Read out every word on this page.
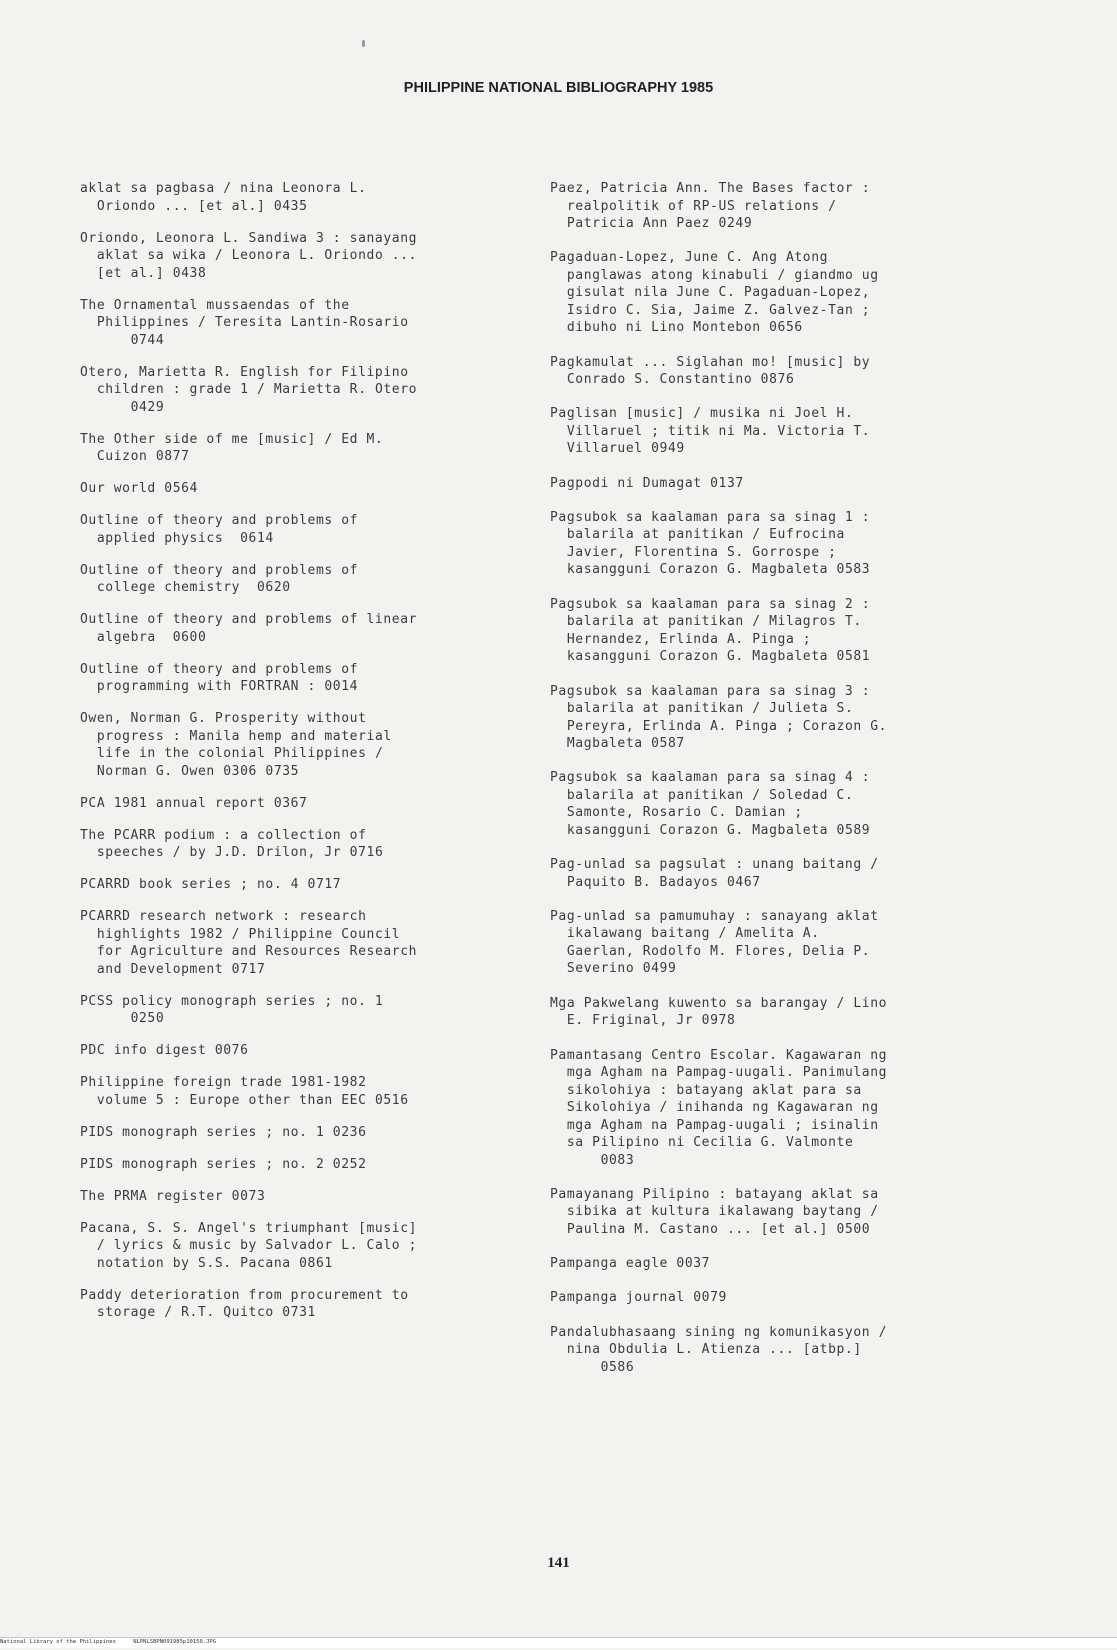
PHILIPPINE NATIONAL BIBLIOGRAPHY 1985
aklat sa pagbasa / nina Leonora L.
Oriondo ... [et al.] 0435
Oriondo, Leonora L. Sandiwa 3 : sanayang
aklat sa wika / Leonora L. Oriondo ...
[et al.] 0438
The Ornamental mussaendas of the
Philippines / Teresita Lantin-Rosario
0744
Otero, Marietta R. English for Filipino
children : grade 1 / Marietta R. Otero
0429
The Other side of me [music] / Ed M.
Cuizon 0877
Our world 0564
Outline of theory and problems of
applied physics  0614
Outline of theory and problems of
college chemistry  0620
Outline of theory and problems of linear
algebra  0600
Outline of theory and problems of
programming with FORTRAN : 0014
Owen, Norman G. Prosperity without
progress : Manila hemp and material
life in the colonial Philippines /
Norman G. Owen 0306 0735
PCA 1981 annual report 0367
The PCARR podium : a collection of
speeches / by J.D. Drilon, Jr 0716
PCARRD book series ; no. 4 0717
PCARRD research network : research
highlights 1982 / Philippine Council
for Agriculture and Resources Research
and Development 0717
PCSS policy monograph series ; no. 1
0250
PDC info digest 0076
Philippine foreign trade 1981-1982
volume 5 : Europe other than EEC 0516
PIDS monograph series ; no. 1 0236
PIDS monograph series ; no. 2 0252
The PRMA register 0073
Pacana, S. S. Angel's triumphant [music]
/ lyrics & music by Salvador L. Calo ;
notation by S.S. Pacana 0861
Paddy deterioration from procurement to
storage / R.T. Quitco 0731
Paez, Patricia Ann. The Bases factor :
realpolitik of RP-US relations /
Patricia Ann Paez 0249
Pagaduan-Lopez, June C. Ang Atong
panglawas atong kinabuli / giandmo ug
gisulat nila June C. Pagaduan-Lopez,
Isidro C. Sia, Jaime Z. Galvez-Tan ;
dibuho ni Lino Montebon 0656
Pagkamulat ... Siglahan mo! [music] by
Conrado S. Constantino 0876
Paglisan [music] / musika ni Joel H.
Villaruel ; titik ni Ma. Victoria T.
Villaruel 0949
Pagpodi ni Dumagat 0137
Pagsubok sa kaalaman para sa sinag 1 :
balarila at panitikan / Eufrocina
Javier, Florentina S. Gorrospe ;
kasangguni Corazon G. Magbaleta 0583
Pagsubok sa kaalaman para sa sinag 2 :
balarila at panitikan / Milagros T.
Hernandez, Erlinda A. Pinga ;
kasangguni Corazon G. Magbaleta 0581
Pagsubok sa kaalaman para sa sinag 3 :
balarila at panitikan / Julieta S.
Pereyra, Erlinda A. Pinga ; Corazon G.
Magbaleta 0587
Pagsubok sa kaalaman para sa sinag 4 :
balarila at panitikan / Soledad C.
Samonte, Rosario C. Damian ;
kasangguni Corazon G. Magbaleta 0589
Pag-unlad sa pagsulat : unang baitang /
Paquito B. Badayos 0467
Pag-unlad sa pamumuhay : sanayang aklat
ikalawang baitang / Amelita A.
Gaerlan, Rodolfo M. Flores, Delia P.
Severino 0499
Mga Pakwelang kuwento sa barangay / Lino
E. Friginal, Jr 0978
Pamantasang Centro Escolar. Kagawaran ng
mga Agham na Pampag-uugali. Panimulang
sikolohiya : batayang aklat para sa
Sikolohiya / inihanda ng Kagawaran ng
mga Agham na Pampag-uugali ; isinalin
sa Pilipino ni Cecilia G. Valmonte
0083
Pamayanang Pilipino : batayang aklat sa
sibika at kultura ikalawang baytang /
Paulina M. Castano ... [et al.] 0500
Pampanga eagle 0037
Pampanga journal 0079
Pandalubhasaang sining ng komunikasyon /
nina Obdulia L. Atienza ... [atbp.]
0586
141
National Library of the Philippines	NLPNLSBPN091985p10150.JPG
